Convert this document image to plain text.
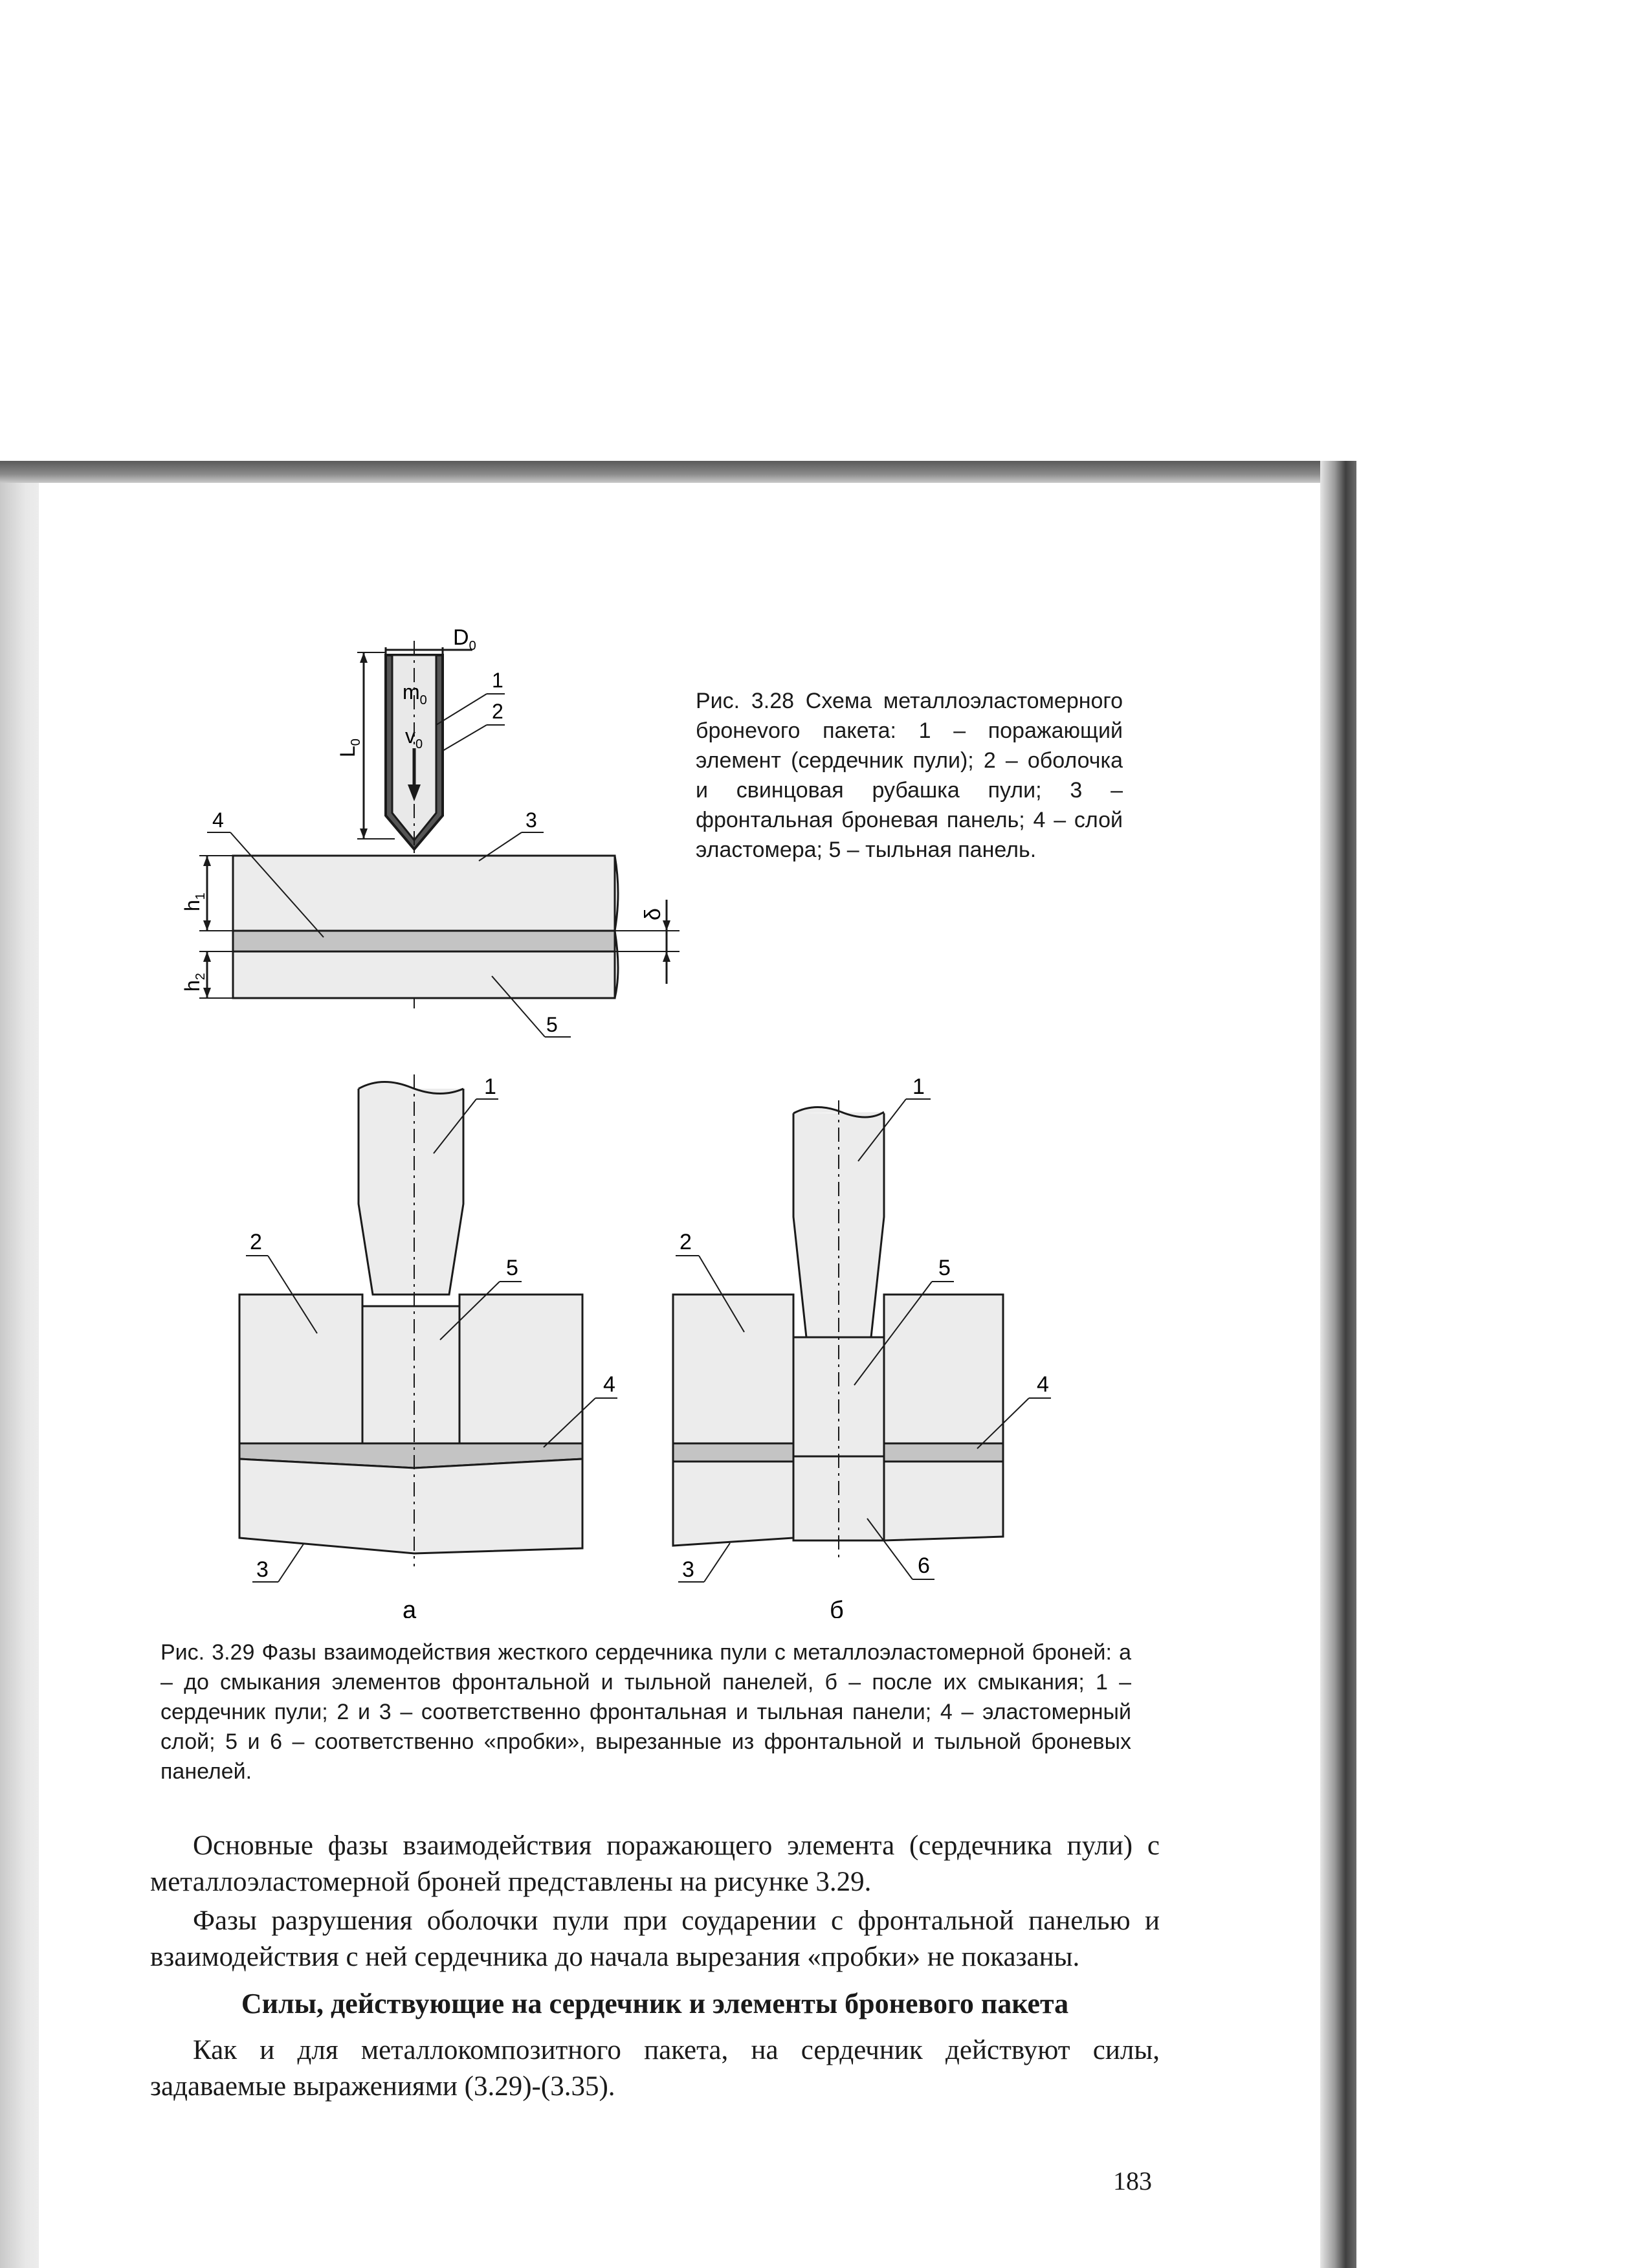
$D_0$
$m_0$
$v_0$
$L_0$
1
2
3
4
5
$h_1$
$h_2$
δ

Рис. 3.28 Схема металлоэластомерного бронevого пакета: 1 – поражающий элемент (сердечник пули); 2 – оболочка и свинцовая рубашка пули; 3 – фронтальная броневая панель; 4 – слой эластомера; 5 – тыльная панель.

1
2
5
4
3
а
1
2
5
4
3	6
б

Рис. 3.29 Фазы взаимодействия жесткого сердечника пули с металлоэластомерной броней: а – до смыкания элементов фронтальной и тыльной панелей, б – после их смыкания; 1 – сердечник пули; 2 и 3 – соответственно фронтальная и тыльная панели; 4 – эластомерный слой; 5 и 6 – соответственно «пробки», вырезанные из фронтальной и тыльной броневых панелей.

Основные фазы взаимодействия поражающего элемента (сердечника пули) с металлоэластомерной броней представлены на рисунке 3.29.

Фазы разрушения оболочки пули при соударении с фронтальной панелью и взаимодействия с ней сердечника до начала вырезания «пробки» не показаны.

Силы, действующие на сердечник и элементы броневого пакета

Как и для металлокомпозитного пакета, на сердечник действуют силы, задаваемые выражениями (3.29)-(3.35).

183
